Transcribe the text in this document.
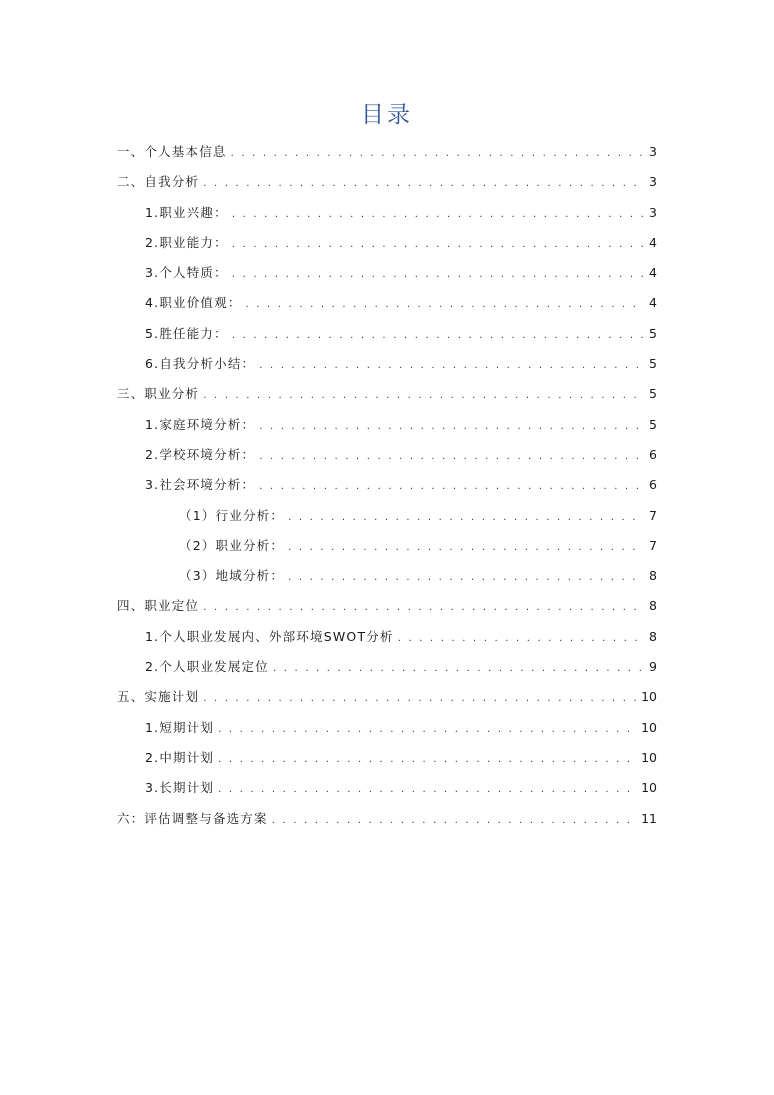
目录
一、个人基本信息 . . .	3
二、自我分析 . . .	3
1.职业兴趣： . . .	3
2.职业能力： . . .	4
3.个人特质： . . .	4
4.职业价值观： . . .	4
5.胜任能力： . . .	5
6.自我分析小结： . . .	5
三、职业分析 . . .	5
1.家庭环境分析： . . .	5
2.学校环境分析： . . .	6
3.社会环境分析： . . .	6
（1）行业分析： . . .	7
（2）职业分析： . . .	7
（3）地域分析： . . .	8
四、职业定位 . . .	8
1.个人职业发展内、外部环境SWOT分析 . . .	8
2.个人职业发展定位 . . .	9
五、实施计划 . . .	10
1.短期计划 . . .	10
2.中期计划 . . .	10
3.长期计划 . . .	10
六：评估调整与备选方案 . . .	11
